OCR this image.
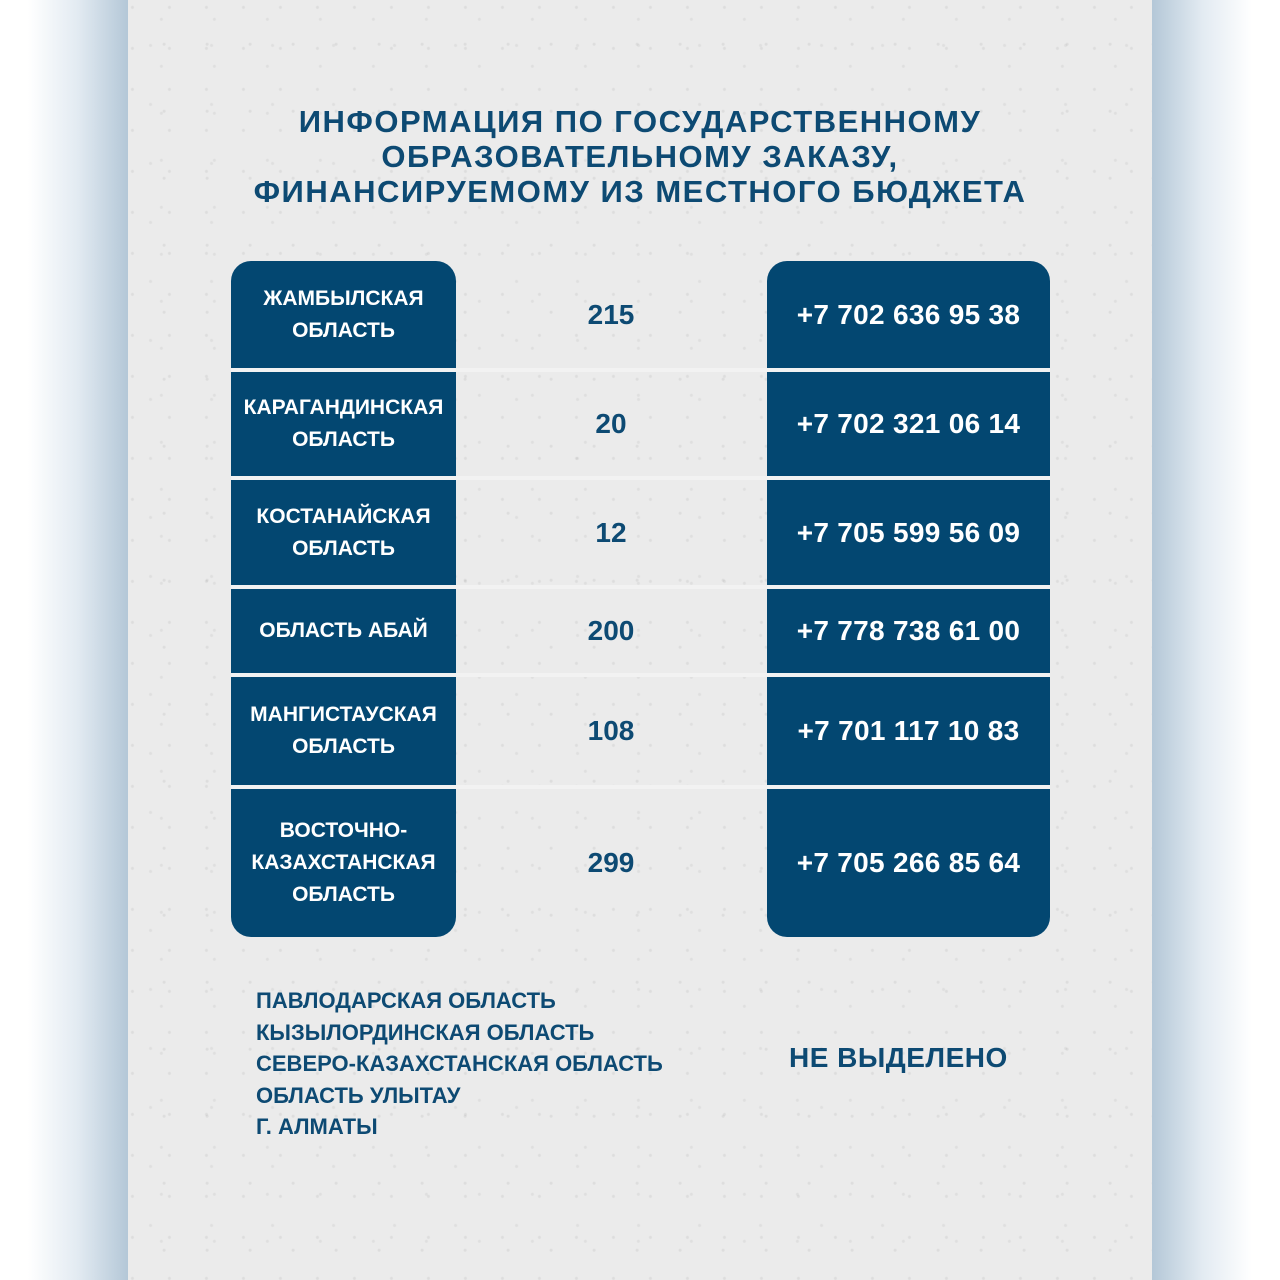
ИНФОРМАЦИЯ ПО ГОСУДАРСТВЕННОМУ
ОБРАЗОВАТЕЛЬНОМУ ЗАКАЗУ,
ФИНАНСИРУЕМОМУ ИЗ МЕСТНОГО БЮДЖЕТА
ЖАМБЫЛСКАЯ
ОБЛАСТЬ
215	+7 702 636 95 38
КАРАГАНДИНСКАЯ
ОБЛАСТЬ
20	+7 702 321 06 14
КОСТАНАЙСКАЯ
ОБЛАСТЬ
12	+7 705 599 56 09
ОБЛАСТЬ АБАЙ	200	+7 778 738 61 00
МАНГИСТАУСКАЯ
ОБЛАСТЬ
108	+7 701 117 10 83
ВОСТОЧНО-
КАЗАХСТАНСКАЯ
ОБЛАСТЬ
299	+7 705 266 85 64
ПАВЛОДАРСКАЯ ОБЛАСТЬ
КЫЗЫЛОРДИНСКАЯ ОБЛАСТЬ
СЕВЕРО-КАЗАХСТАНСКАЯ ОБЛАСТЬ
ОБЛАСТЬ УЛЫТАУ
Г. АЛМАТЫ
НЕ ВЫДЕЛЕНО
